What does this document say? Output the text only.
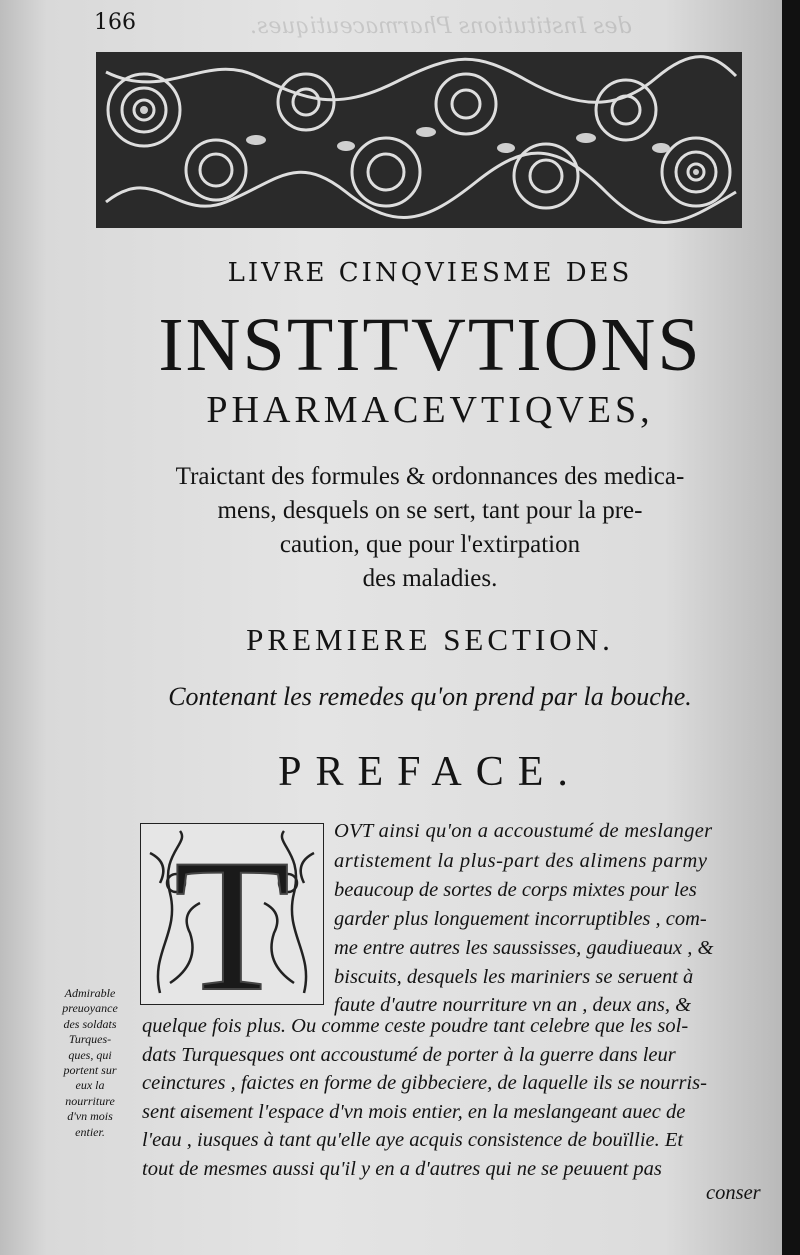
166	des Institutions Pharmaceutiques.
LIVRE CINQVIESME DES
INSTITVTIONS
PHARMACEVTIQVES,
Traictant des formules & ordonnances des medica-
mens, desquels on se sert, tant pour la pre-
caution, que pour l'extirpation
des maladies.
PREMIERE SECTION.
Contenant les remedes qu'on prend par la bouche.
PREFACE.
T OVT ainsi qu'on a accoustumé de meslanger
artistement la plus-part des alimens parmy
beaucoup de sortes de corps mixtes pour les
garder plus longuement incorruptibles , com-
me entre autres les saussisses, gaudiueaux , &
biscuits, desquels les mariniers se seruent à
faute d'autre nourriture vn an , deux ans, &
quelque fois plus. Ou comme ceste poudre tant celebre que les sol-
dats Turquesques ont accoustumé de porter à la guerre dans leur
ceinctures , faictes en forme de gibbeciere, de laquelle ils se nourris-
sent aisement l'espace d'vn mois entier, en la meslangeant auec de
l'eau , iusques à tant qu'elle aye acquis consistence de bouïllie. Et
tout de mesmes aussi qu'il y en a d'autres qui ne se peuuent pas
conser
Admirable
preuoyance
des soldats
Turques-
ques, qui
portent sur
eux la
nourriture
d'vn mois
entier.
